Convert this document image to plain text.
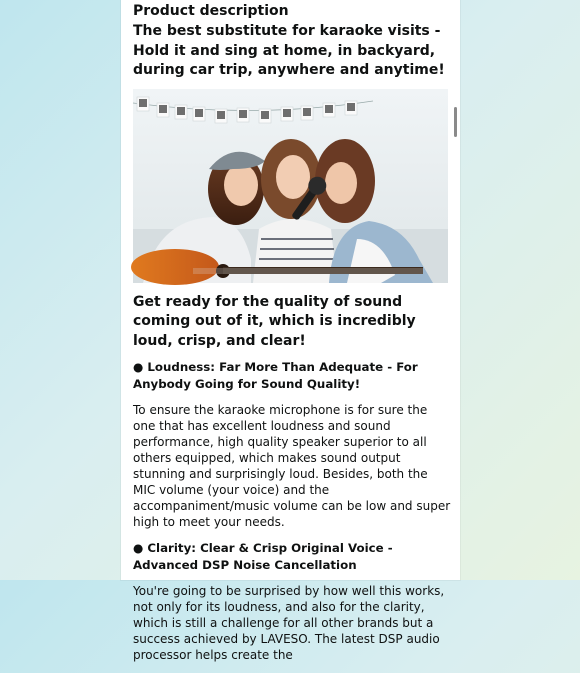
Product description

The best substitute for karaoke visits - Hold it and sing at home, in backyard, during car trip, anywhere and anytime!

Get ready for the quality of sound coming out of it, which is incredibly loud, crisp, and clear!

● Loudness: Far More Than Adequate - For Anybody Going for Sound Quality!

To ensure the karaoke microphone is for sure the one that has excellent loudness and sound performance, high quality speaker superior to all others equipped, which makes sound output stunning and surprisingly loud. Besides, both the MIC volume (your voice) and the accompaniment/music volume can be low and super high to meet your needs.

● Clarity: Clear & Crisp Original Voice - Advanced DSP Noise Cancellation

You're going to be surprised by how well this works, not only for its loudness, and also for the clarity, which is still a challenge for all other brands but a success achieved by LAVESO. The latest DSP audio processor helps create the
